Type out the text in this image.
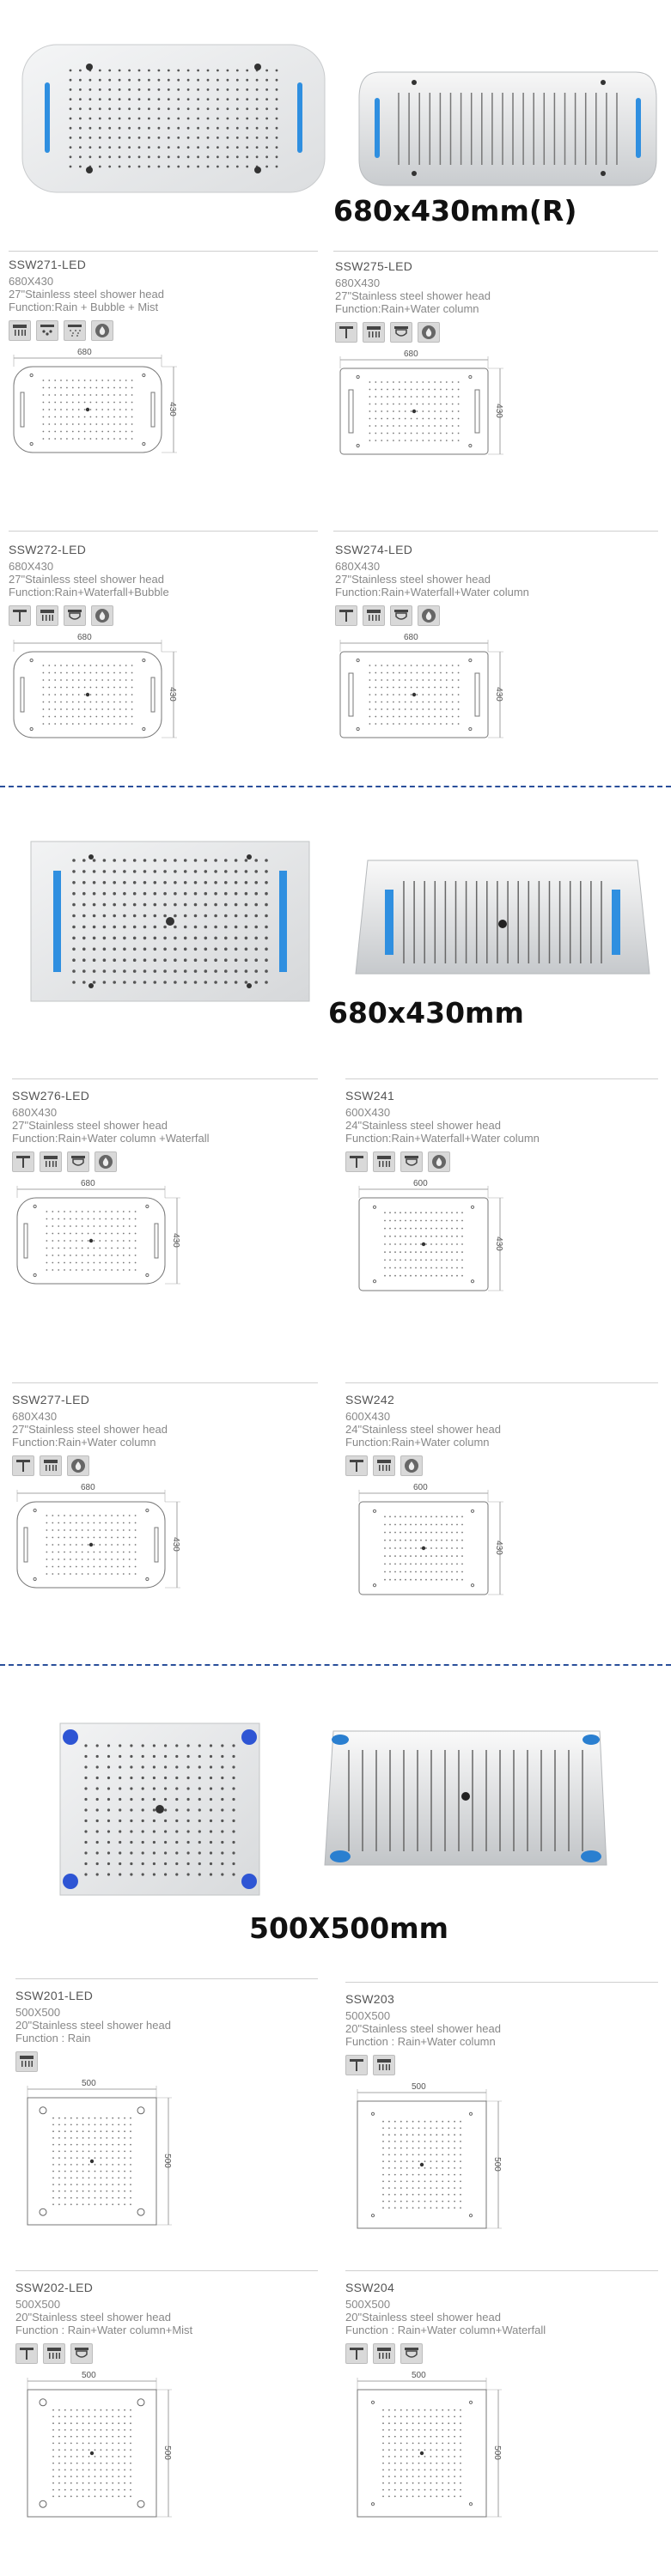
680x430mm(R)
SSW271-LED
680X430
27"Stainless steel shower head
Function:Rain + Bubble + Mist
680
430
SSW275-LED
680X430
27"Stainless steel shower head
Function:Rain+Water column
680
430
SSW272-LED
680X430
27"Stainless steel shower head
Function:Rain+Waterfall+Bubble
680
430
SSW274-LED
680X430
27"Stainless steel shower head
Function:Rain+Waterfall+Water column
680
430
SSW276-LED
680X430
27"Stainless steel shower head
Function:Rain+Water column +Waterfall
680
430
SSW241
600X430
24"Stainless steel shower head
Function:Rain+Waterfall+Water column
600
430
SSW277-LED
680X430
27"Stainless steel shower head
Function:Rain+Water column
680
430
SSW242
600X430
24"Stainless steel shower head
Function:Rain+Water column
600
430
SSW201-LED
500X500
20"Stainless steel shower head
Function : Rain
500
500
SSW203
500X500
20"Stainless steel shower head
Function : Rain+Water column
500
500
SSW202-LED
500X500
20"Stainless steel shower head
Function : Rain+Water column+Mist
500
500
SSW204
500X500
20"Stainless steel shower head
Function : Rain+Water column+Waterfall
500
500
680x430mm
500X500mm
